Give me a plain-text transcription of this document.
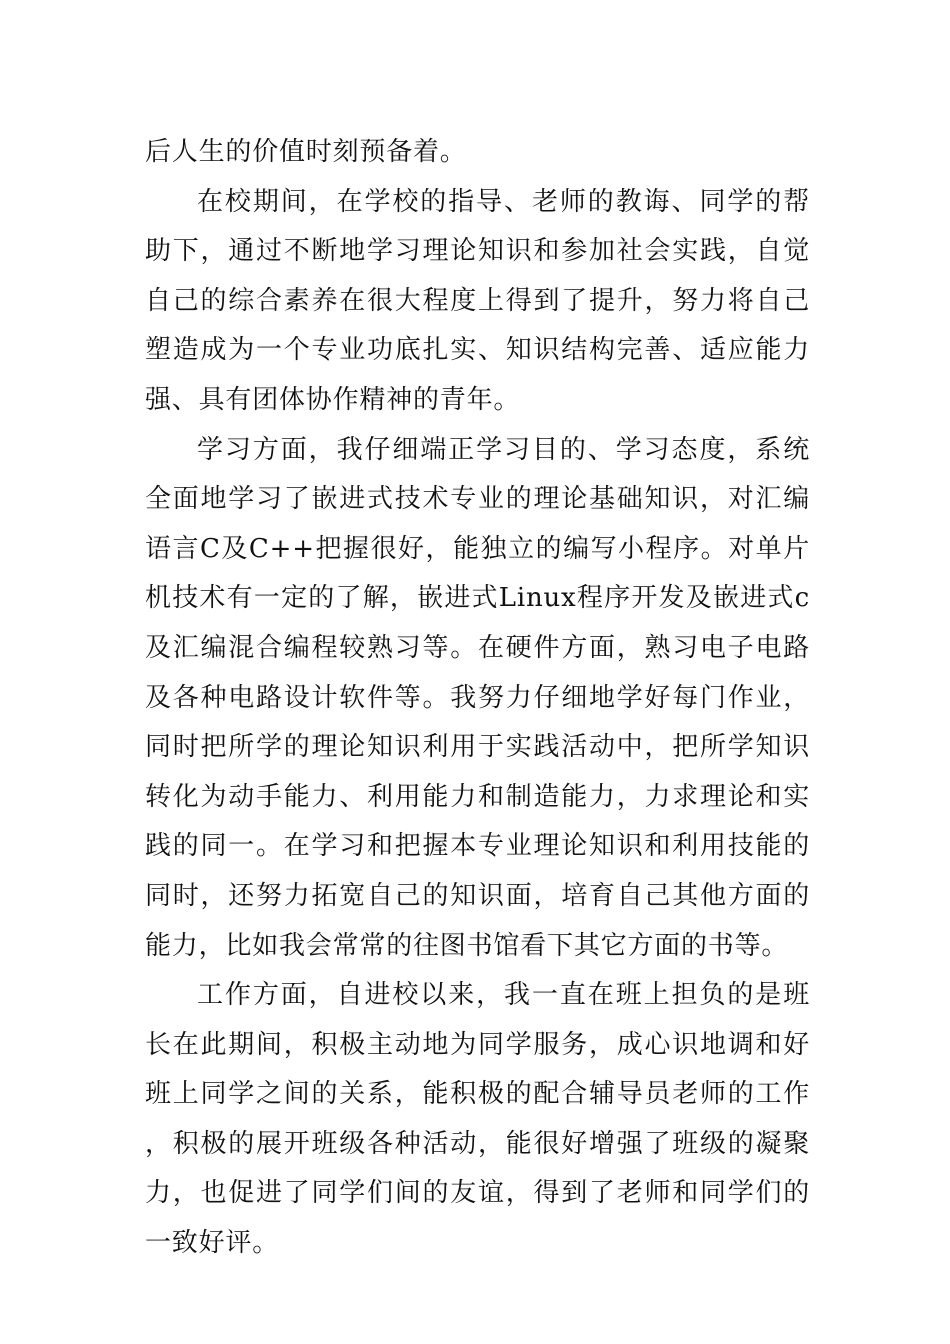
后人生的价值时刻预备着。

在校期间，在学校的指导、老师的教诲、同学的帮助下，通过不断地学习理论知识和参加社会实践，自觉自己的综合素养在很大程度上得到了提升，努力将自己塑造成为一个专业功底扎实、知识结构完善、适应能力强、具有团体协作精神的青年。

学习方面，我仔细端正学习目的、学习态度，系统全面地学习了嵌进式技术专业的理论基础知识，对汇编语言C及C++把握很好，能独立的编写小程序。对单片机技术有一定的了解，嵌进式Linux程序开发及嵌进式c及汇编混合编程较熟习等。在硬件方面，熟习电子电路及各种电路设计软件等。我努力仔细地学好每门作业，同时把所学的理论知识利用于实践活动中，把所学知识转化为动手能力、利用能力和制造能力，力求理论和实践的同一。在学习和把握本专业理论知识和利用技能的同时，还努力拓宽自己的知识面，培育自己其他方面的能力，比如我会常常的往图书馆看下其它方面的书等。

工作方面，自进校以来，我一直在班上担负的是班长在此期间，积极主动地为同学服务，成心识地调和好班上同学之间的关系，能积极的配合辅导员老师的工作，积极的展开班级各种活动，能很好增强了班级的凝聚力，也促进了同学们间的友谊，得到了老师和同学们的一致好评。
